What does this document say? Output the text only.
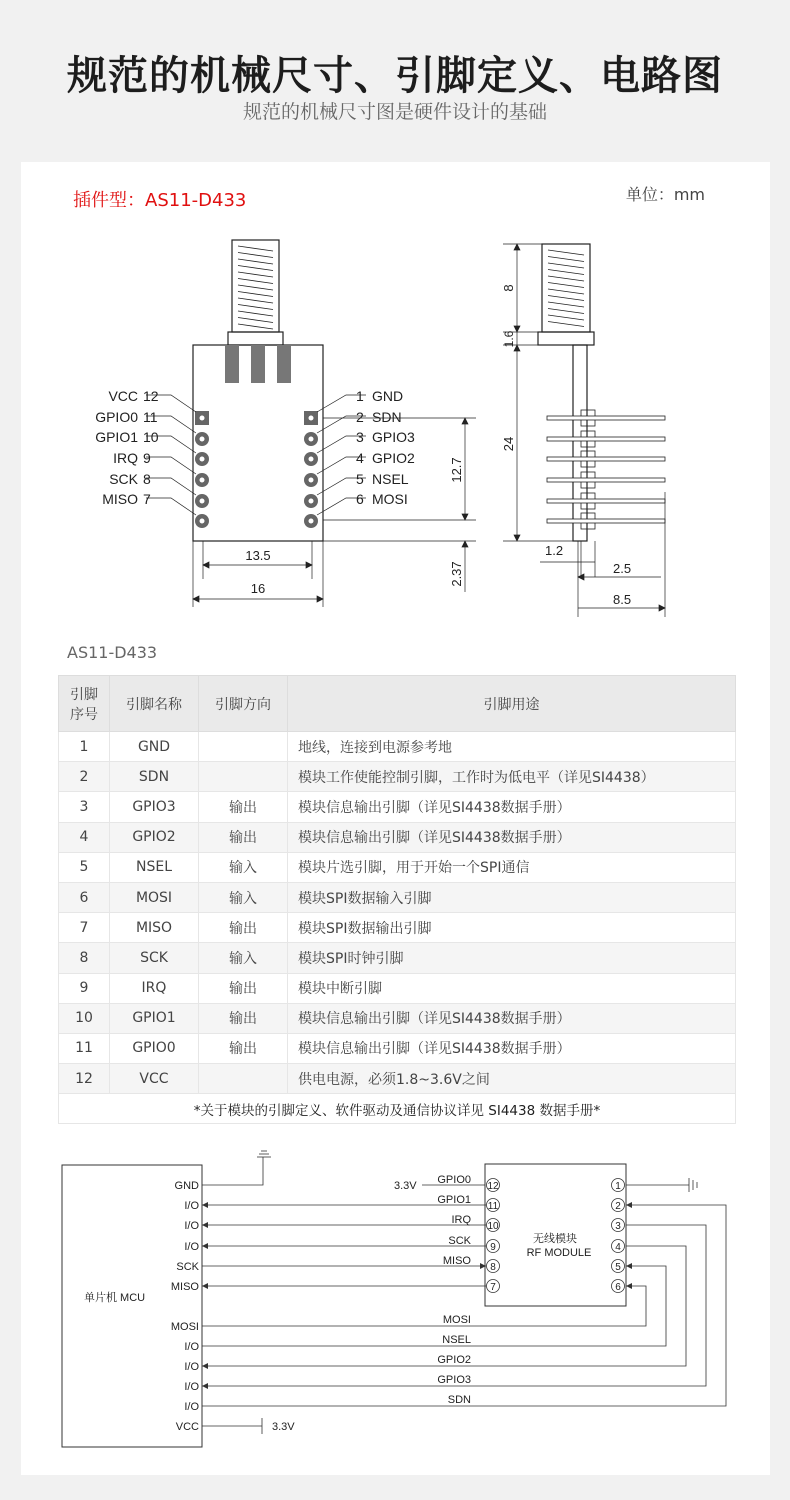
规范的机械尺寸、引脚定义、电路图
规范的机械尺寸图是硬件设计的基础
插件型：AS11-D433	单位：mm
VCC 12
GPIO0 11
GPIO1 10
IRQ 9
SCK 8
MISO 7
1 GND
2 SDN
3 GPIO3
4 GPIO2
5 NSEL
6 MOSI
13.5
16
12.7
2.37
8
1.6
24
1.2
2.5
8.5
AS11-D433
引脚
序号	引脚名称	引脚方向	引脚用途
1	GND		地线，连接到电源参考地
2	SDN		模块工作使能控制引脚，工作时为低电平（详见SI4438）
3	GPIO3	输出	模块信息输出引脚（详见SI4438数据手册）
4	GPIO2	输出	模块信息输出引脚（详见SI4438数据手册）
5	NSEL	输入	模块片选引脚，用于开始一个SPI通信
6	MOSI	输入	模块SPI数据输入引脚
7	MISO	输出	模块SPI数据输出引脚
8	SCK	输入	模块SPI时钟引脚
9	IRQ	输出	模块中断引脚
10	GPIO1	输出	模块信息输出引脚（详见SI4438数据手册）
11	GPIO0	输出	模块信息输出引脚（详见SI4438数据手册）
12	VCC		供电电源，必须1.8~3.6V之间
*关于模块的引脚定义、软件驱动及通信协议详见 SI4438 数据手册*			
单片机 MCU
无线模块
RF MODULE
GND
I/O
I/O
I/O
SCK
MISO
MOSI
I/O
I/O
I/O
I/O
VCC
12
GPIO0
11
GPIO1
10
IRQ
9
SCK
8
MISO
7
1
2
3
4
5
6
MOSI
NSEL
GPIO2
GPIO3
SDN
3.3V
3.3V
